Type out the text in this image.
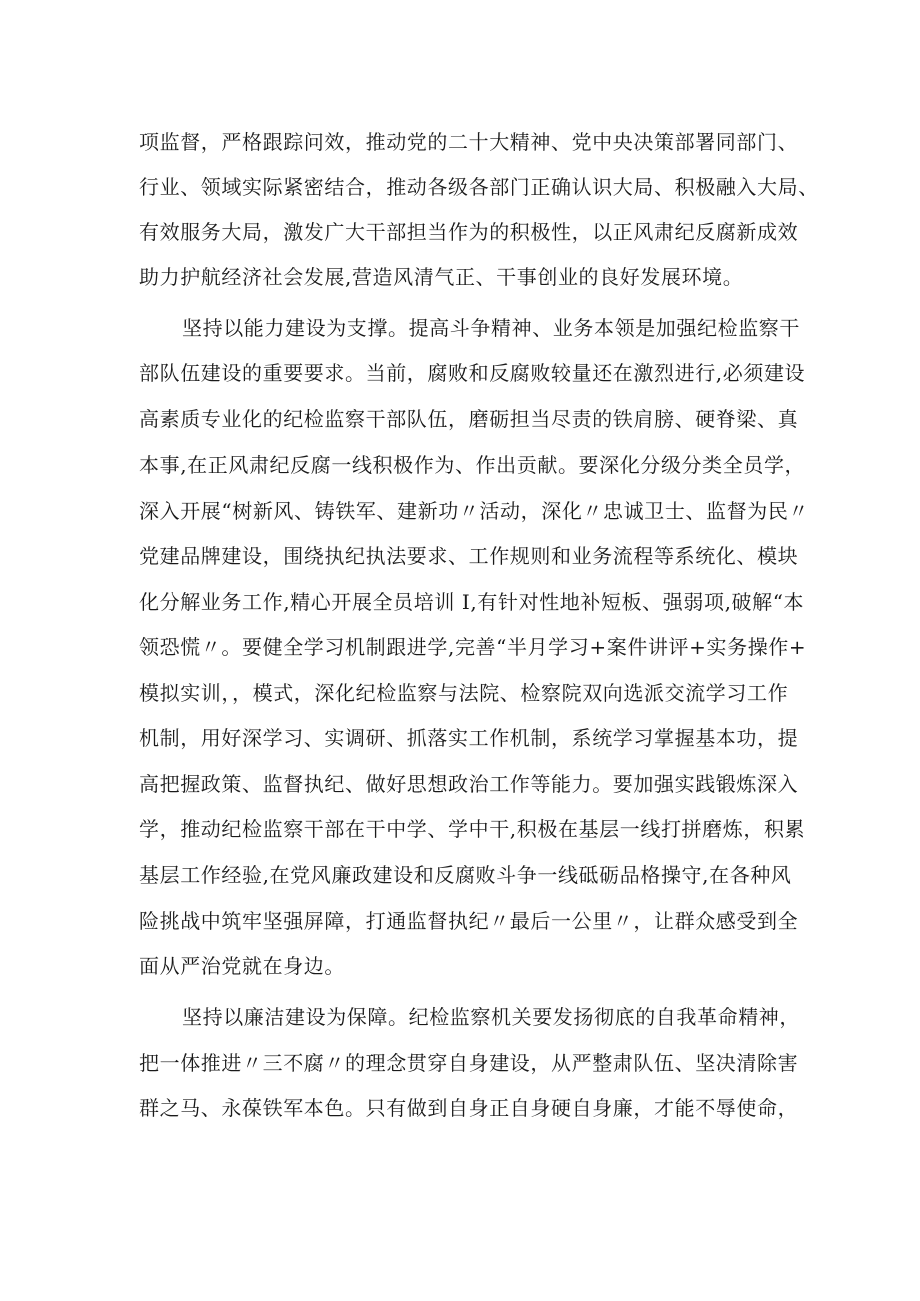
项监督，严格跟踪问效，推动党的二十大精神、党中央决策部署同部门、
行业、领域实际紧密结合，推动各级各部门正确认识大局、积极融入大局、
有效服务大局，激发广大干部担当作为的积极性，以正风肃纪反腐新成效
助力护航经济社会发展,营造风清气正、干事创业的良好发展环境。
坚持以能力建设为支撑。提高斗争精神、业务本领是加强纪检监察干
部队伍建设的重要要求。当前，腐败和反腐败较量还在激烈进行,必须建设
高素质专业化的纪检监察干部队伍，磨砺担当尽责的铁肩膀、硬脊梁、真
本事,在正风肃纪反腐一线积极作为、作出贡献。要深化分级分类全员学，
深入开展“树新风、铸铁军、建新功〃活动，深化〃忠诚卫士、监督为民〃
党建品牌建设，围绕执纪执法要求、工作规则和业务流程等系统化、模块
化分解业务工作,精心开展全员培训 I,有针对性地补短板、强弱项,破解“本
领恐慌〃。要健全学习机制跟进学,完善“半月学习+案件讲评+实务操作+
模拟实训，，模式，深化纪检监察与法院、检察院双向选派交流学习工作
机制，用好深学习、实调研、抓落实工作机制，系统学习掌握基本功，提
高把握政策、监督执纪、做好思想政治工作等能力。要加强实践锻炼深入
学，推动纪检监察干部在干中学、学中干,积极在基层一线打拼磨炼，积累
基层工作经验,在党风廉政建设和反腐败斗争一线砥砺品格操守,在各种风
险挑战中筑牢坚强屏障，打通监督执纪〃最后一公里〃，让群众感受到全
面从严治党就在身边。
坚持以廉洁建设为保障。纪检监察机关要发扬彻底的自我革命精神，
把一体推进〃三不腐〃的理念贯穿自身建设，从严整肃队伍、坚决清除害
群之马、永葆铁军本色。只有做到自身正自身硬自身廉，才能不辱使命，
